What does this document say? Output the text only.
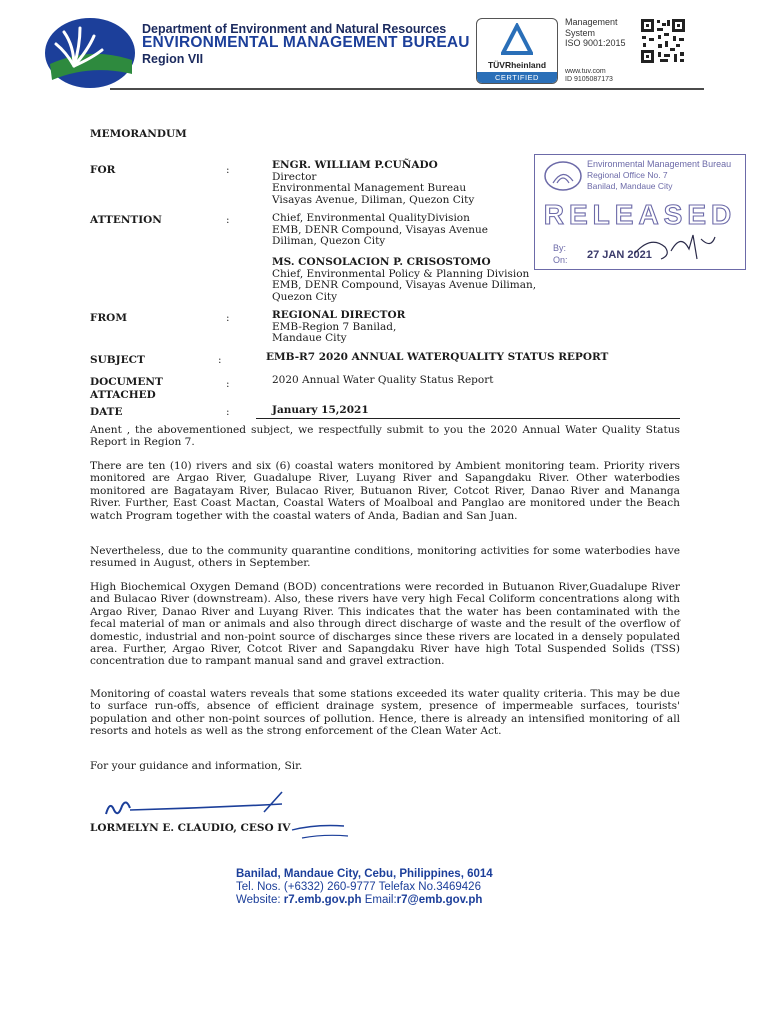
Department of Environment and Natural Resources
ENVIRONMENTAL MANAGEMENT BUREAU
Region VII	TÜVRheinland
CERTIFIED
Management
System
ISO 9001:2015
www.tuv.com
ID 9105087173
MEMORANDUM
FOR	:	ENGR. WILLIAM P.CUÑADO
Director
Environmental Management Bureau
Visayas Avenue, Diliman, Quezon City
ATTENTION	:	Chief, Environmental QualityDivision
EMB, DENR Compound, Visayas Avenue
Diliman, Quezon City
MS. CONSOLACION P. CRISOSTOMO
Chief, Environmental Policy & Planning Division
EMB, DENR Compound, Visayas Avenue Diliman,
Quezon City
FROM	:	REGIONAL DIRECTOR
EMB-Region 7 Banilad,
Mandaue City
SUBJECT	:	EMB-R7 2020 ANNUAL WATERQUALITY STATUS REPORT
DOCUMENT
ATTACHED
:	2020 Annual Water Quality Status Report
DATE	:	January 15,2021
Environmental Management Bureau
Regional Office No. 7
Banilad, Mandaue City
RELEASED
By:
On: 27 JAN 2021
Anent , the abovementioned subject, we respectfully submit to you the 2020 Annual Water Quality Status Report in Region 7.
There are ten (10) rivers and six (6) coastal waters monitored by Ambient monitoring team. Priority rivers monitored are Argao River, Guadalupe River, Luyang River and Sapangdaku River. Other waterbodies monitored are Bagatayam River, Bulacao River, Butuanon River, Cotcot River, Danao River and Mananga River. Further, East Coast Mactan, Coastal Waters of Moalboal and Panglao are monitored under the Beach watch Program together with the coastal waters of Anda, Badian and San Juan.
Nevertheless, due to the community quarantine conditions, monitoring activities for some waterbodies have resumed in August, others in September.
High Biochemical Oxygen Demand (BOD) concentrations were recorded in Butuanon River,Guadalupe River and Bulacao River (downstream). Also, these rivers have very high Fecal Coliform concentrations along with Argao River, Danao River and Luyang River. This indicates that the water has been contaminated with the fecal material of man or animals and also through direct discharge of waste and the result of the overflow of domestic, industrial and non-point source of discharges since these rivers are located in a densely populated area. Further, Argao River, Cotcot River and Sapangdaku River have high Total Suspended Solids (TSS) concentration due to rampant manual sand and gravel extraction.
Monitoring of coastal waters reveals that some stations exceeded its water quality criteria. This may be due to surface run-offs, absence of efficient drainage system, presence of impermeable surfaces, tourists' population and other non-point sources of pollution. Hence, there is already an intensified monitoring of all resorts and hotels as well as the strong enforcement of the Clean Water Act.
For your guidance and information, Sir.
LORMELYN E. CLAUDIO, CESO IV
Banilad, Mandaue City, Cebu, Philippines, 6014
Tel. Nos. (+6332) 260-9777 Telefax No.3469426
Website: r7.emb.gov.ph Email:r7@emb.gov.ph
